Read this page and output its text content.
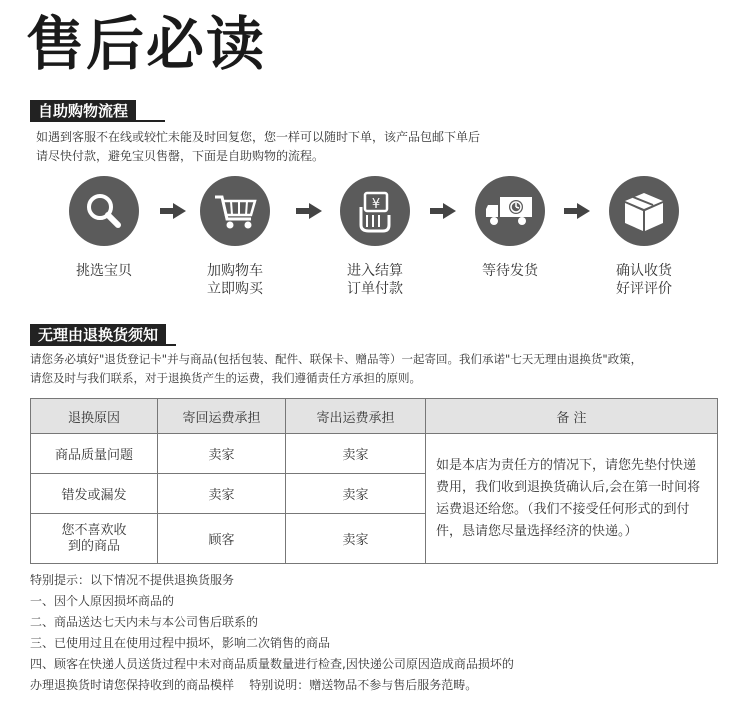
售后必读
自助购物流程
如遇到客服不在线或较忙未能及时回复您，您一样可以随时下单，该产品包邮下单后
请尽快付款，避免宝贝售罄，下面是自助购物的流程。
挑选宝贝	加购物车
立即购买
¥
进入结算
订单付款
等待发货	确认收货
好评评价
无理由退换货须知
请您务必填好"退货登记卡"并与商品(包括包装、配件、联保卡、赠品等）一起寄回。我们承诺"七天无理由退换货"政策，
请您及时与我们联系，对于退换货产生的运费，我们遵循责任方承担的原则。
退换原因	寄回运费承担	寄出运费承担	备 注
商品质量问题	卖家	卖家	如是本店为责任方的情况下，请您先垫付快递
费用，我们收到退换货确认后,会在第一时间将
运费退还给您。（我们不接受任何形式的到付
件，恳请您尽量选择经济的快递。）

错发或漏发	卖家	卖家	

您不喜欢收
到的商品	顾客	卖家	
特别提示：以下情况不提供退换货服务
一、因个人原因损坏商品的
二、商品送达七天内未与本公司售后联系的
三、已使用过且在使用过程中损坏，影响二次销售的商品
四、顾客在快递人员送货过程中未对商品质量数量进行检查,因快递公司原因造成商品损坏的
办理退换货时请您保持收到的商品模样    特别说明：赠送物品不参与售后服务范畴。
